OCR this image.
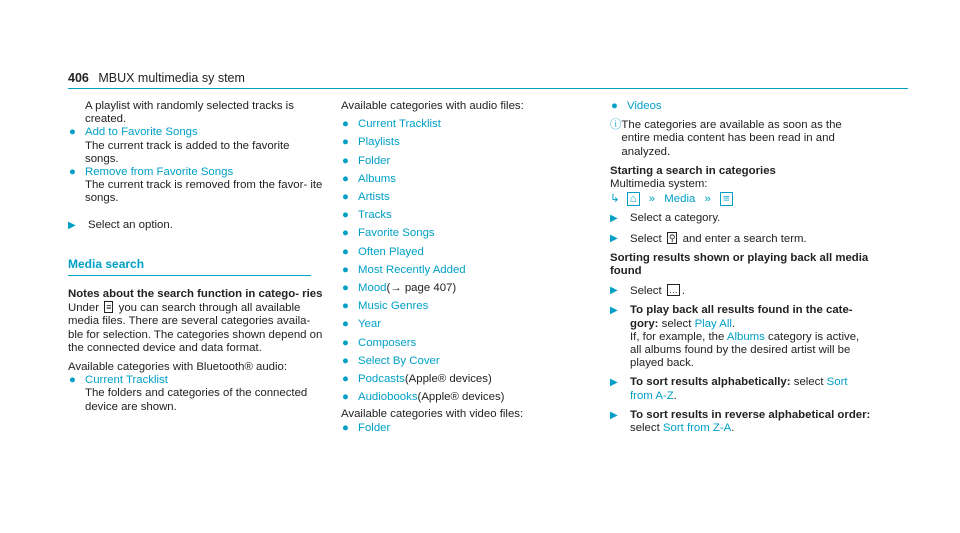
406 MBUX multimedia sy stem
A playlist with randomly selected tracks is created.
● Add to Favorite Songs
The current track is added to the favorite songs.
● Remove from Favorite Songs
The current track is removed from the favor- ite songs.
▶	Select an option.
Media search
Notes about the search function in catego- ries
Under ≡ you can search through all available media files. There are several categories availa- ble for selection. The categories shown depend on the connected device and data format.
Available categories with Bluetooth® audio:
● Current Tracklist
The folders and categories of the connected device are shown.
Available categories with audio files:
● Current Tracklist
● Playlists
● Folder
● Albums
● Artists
● Tracks
● Favorite Songs
● Often Played
● Most Recently Added
● Mood (→ page 407)
● Music Genres
● Year
● Composers
● Select By Cover
● Podcasts (Apple® devices)
● Audiobooks (Apple® devices)
Available categories with video files:
● Folder
● Videos
ⓘ The categories are available as soon as the entire media content has been read in and analyzed.
Starting a search in categories
Multimedia system:
↳ ⌂ » Media » ≡
▶	Select a category.
▶	Select ⚲ and enter a search term.
Sorting results shown or playing back all media found
▶	Select … .
▶	To play back all results found in the cate- gory: select Play All.
If, for example, the Albums category is active, all albums found by the desired artist will be played back.
▶	To sort results alphabetically: select Sort from A-Z.
▶	To sort results in reverse alphabetical order: select Sort from Z-A.
